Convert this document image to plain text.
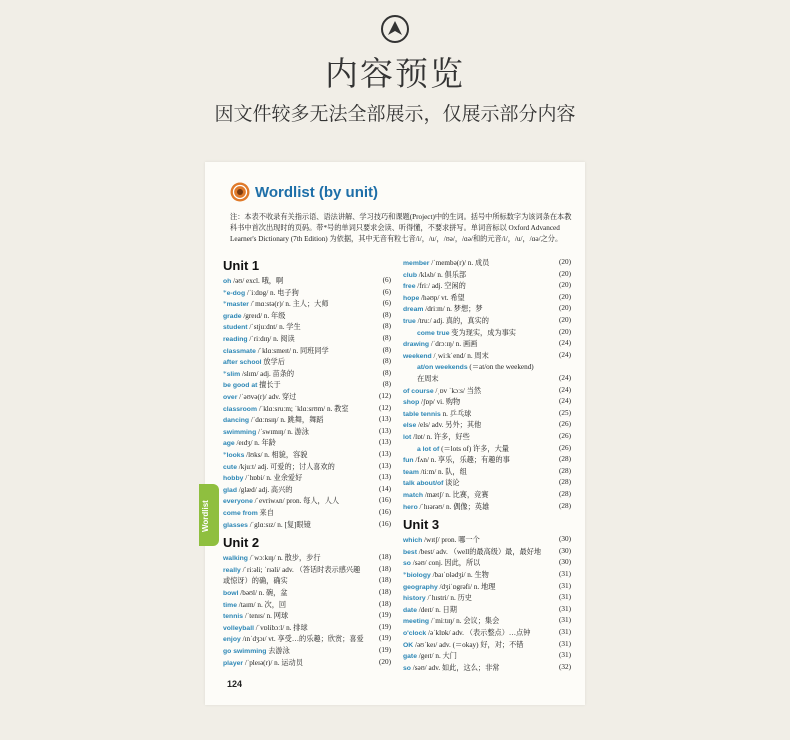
内容预览
因文件较多无法全部展示，仅展示部分内容
Wordlist (by unit)
注：本表不收录有关指示语、语法讲解、学习技巧和课题(Project)中的生词。括号中所标数字为该词条在本教科书中首次出现时的页码。带*号的单词只要求会读、听得懂，不要求拼写。单词音标以 Oxford Advanced Learner's Dictionary (7th Edition) 为依据，其中无音有粒七音/i/，/u/，/ʊə/，/ɑə/和的元音/i/，/u/，/ɑə/之分。
Unit 1
oh /əʊ/ excl. 哦，啊	(6)
*e-dog /ˈiːdɒg/ n. 电子狗	(6)
*master /ˈmɑːstə(r)/ n. 主人；大师	(6)
grade /greɪd/ n. 年级	(8)
student /ˈstjuːdnt/ n. 学生	(8)
reading /ˈriːdɪŋ/ n. 阅读	(8)
classmate /ˈklɑːsmeɪt/ n. 同班同学	(8)
after school 放学后	(8)
*slim /slɪm/ adj. 苗条的	(8)
be good at 擅长于	(8)
over /ˈəʊvə(r)/ adv. 穿过	(12)
classroom /ˈklɑːsruːm; ˈklɑːsrʊm/ n. 教室	(12)
dancing /ˈdɑːnsɪŋ/ n. 跳舞，舞蹈	(13)
swimming /ˈswɪmɪŋ/ n. 游泳	(13)
age /eɪdʒ/ n. 年龄	(13)
*looks /lʊks/ n. 相貌，容貌	(13)
cute /kjuːt/ adj. 可爱的；讨人喜欢的	(13)
hobby /ˈhɒbi/ n. 业余爱好	(13)
glad /glæd/ adj. 高兴的	(14)
everyone /ˈevriwʌn/ pron. 每人，人人	(16)
come from 来自	(16)
glasses /ˈglɑːsɪz/ n. [复]眼镜	(16)
Unit 2
walking /ˈwɔːkɪŋ/ n. 散步，步行	(18)
really /ˈriːəli; ˈrɪəli/ adv. （答话时表示感兴趣	(18)
或惊讶）的确，确实	(18)
bowl /bəʊl/ n. 碗，盆	(18)
time /taɪm/ n. 次，回	(18)
tennis /ˈtenɪs/ n. 网球	(19)
volleyball /ˈvɒlibɔːl/ n. 排球	(19)
enjoy /ɪnˈdʒɔɪ/ vt. 享受…的乐趣；欣赏；喜爱 (19)
go swimming 去游泳	(19)
player /ˈpleɪə(r)/ n. 运动员	(20)
member /ˈmembə(r)/ n. 成员	(20)
club /klʌb/ n. 俱乐部	(20)
free /friː/ adj. 空闲的	(20)
hope /həʊp/ vt. 希望	(20)
dream /driːm/ n. 梦想；梦	(20)
true /truː/ adj. 真的，真实的	(20)
come true 变为现实，成为事实	(20)
drawing /ˈdrɔːɪŋ/ n. 画画	(24)
weekend /ˌwiːkˈend/ n. 周末	(24)
at/on weekends (＝at/on the weekend)
在周末	(24)
of course /ˌɒv ˈkɔːs/ 当然	(24)
shop /ʃɒp/ vi. 购物	(24)
table tennis n. 乒乓球	(25)
else /els/ adv. 另外；其他	(26)
lot /lɒt/ n. 许多，好些	(26)
a lot of (＝lots of) 许多，大量	(26)
fun /fʌn/ n. 享乐，乐趣；有趣的事	(28)
team /tiːm/ n. 队，组	(28)
talk about/of 谈论	(28)
match /mætʃ/ n. 比赛，竞赛	(28)
hero /ˈhɪərəʊ/ n. 偶像；英雄	(28)
Unit 3
which /wɪtʃ/ pron. 哪一个	(30)
best /best/ adv. （well的最高级）最，最好地 (30)
so /səʊ/ conj. 因此，所以	(30)
*biology /baɪˈɒlədʒi/ n. 生物	(31)
geography /dʒiˈɒgrəfi/ n. 地理	(31)
history /ˈhɪstri/ n. 历史	(31)
date /deɪt/ n. 日期	(31)
meeting /ˈmiːtɪŋ/ n. 会议；集会	(31)
o'clock /əˈklɒk/ adv. （表示整点）…点钟	(31)
OK /əʊˈkeɪ/ adv. (＝okay) 好，对；不错	(31)
gate /geɪt/ n. 大门	(31)
so /səʊ/ adv. 如此，这么；非常	(32)
Wordlist
124
